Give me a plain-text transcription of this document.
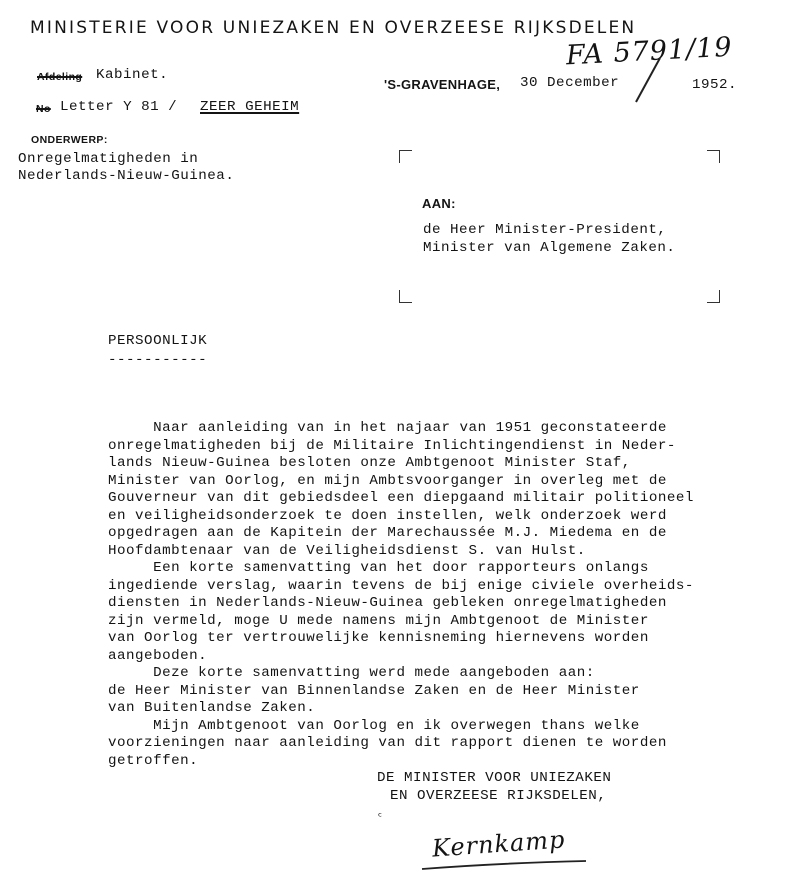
MINISTERIE VOOR UNIEZAKEN EN OVERZEESE RIJKSDELEN
Afdeling Kabinet.
No Letter Y 81 / ZEER GEHEIM
'S-GRAVENHAGE, 30 December	1952.
FA 5791/19
ONDERWERP:
Onregelmatigheden in
Nederlands-Nieuw-Guinea.
AAN:
de Heer Minister-President,
Minister van Algemene Zaken.
PERSOONLIJK
-----------
Naar aanleiding van in het najaar van 1951 geconstateerde
onregelmatigheden bij de Militaire Inlichtingendienst in Neder-
lands Nieuw-Guinea besloten onze Ambtgenoot Minister Staf,
Minister van Oorlog, en mijn Ambtsvoorganger in overleg met de
Gouverneur van dit gebiedsdeel een diepgaand militair politioneel
en veiligheidsonderzoek te doen instellen, welk onderzoek werd
opgedragen aan de Kapitein der Marechaussée M.J. Miedema en de
Hoofdambtenaar van de Veiligheidsdienst S. van Hulst.
Een korte samenvatting van het door rapporteurs onlangs
ingediende verslag, waarin tevens de bij enige civiele overheids-
diensten in Nederlands-Nieuw-Guinea gebleken onregelmatigheden
zijn vermeld, moge U mede namens mijn Ambtgenoot de Minister
van Oorlog ter vertrouwelijke kennisneming hiernevens worden
aangeboden.
Deze korte samenvatting werd mede aangeboden aan:
de Heer Minister van Binnenlandse Zaken en de Heer Minister
van Buitenlandse Zaken.
Mijn Ambtgenoot van Oorlog en ik overwegen thans welke
voorzieningen naar aanleiding van dit rapport dienen te worden
getroffen.
DE MINISTER VOOR UNIEZAKEN
EN OVERZEESE RIJKSDELEN,
ᶜ
Kernkamp
